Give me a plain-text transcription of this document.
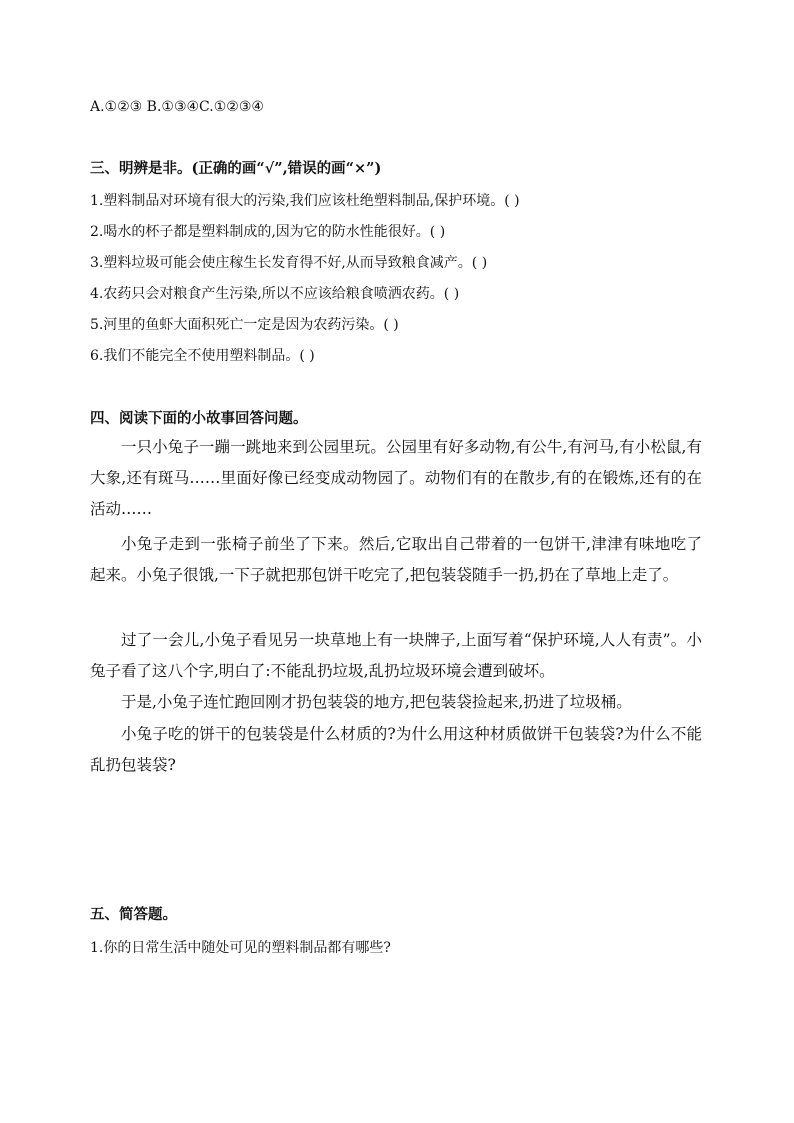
A.①②③ B.①③④C.①②③④
三、明辨是非。(正确的画“√”,错误的画“×”)
1.塑料制品对环境有很大的污染,我们应该杜绝塑料制品,保护环境。( )
2.喝水的杯子都是塑料制成的,因为它的防水性能很好。( )
3.塑料垃圾可能会使庄稼生长发育得不好,从而导致粮食减产。( )
4.农药只会对粮食产生污染,所以不应该给粮食喷洒农药。( )
5.河里的鱼虾大面积死亡一定是因为农药污染。( )
6.我们不能完全不使用塑料制品。( )
四、阅读下面的小故事回答问题。
一只小兔子一蹦一跳地来到公园里玩。公园里有好多动物,有公牛,有河马,有小松鼠,有大象,还有斑马……里面好像已经变成动物园了。动物们有的在散步,有的在锻炼,还有的在活动……
小兔子走到一张椅子前坐了下来。然后,它取出自己带着的一包饼干,津津有味地吃了起来。小兔子很饿,一下子就把那包饼干吃完了,把包装袋随手一扔,扔在了草地上走了。
过了一会儿,小兔子看见另一块草地上有一块牌子,上面写着“保护环境,人人有责”。小兔子看了这八个字,明白了:不能乱扔垃圾,乱扔垃圾环境会遭到破坏。
于是,小兔子连忙跑回刚才扔包装袋的地方,把包装袋捡起来,扔进了垃圾桶。
小兔子吃的饼干的包装袋是什么材质的?为什么用这种材质做饼干包装袋?为什么不能乱扔包装袋?
五、简答题。
1.你的日常生活中随处可见的塑料制品都有哪些?
